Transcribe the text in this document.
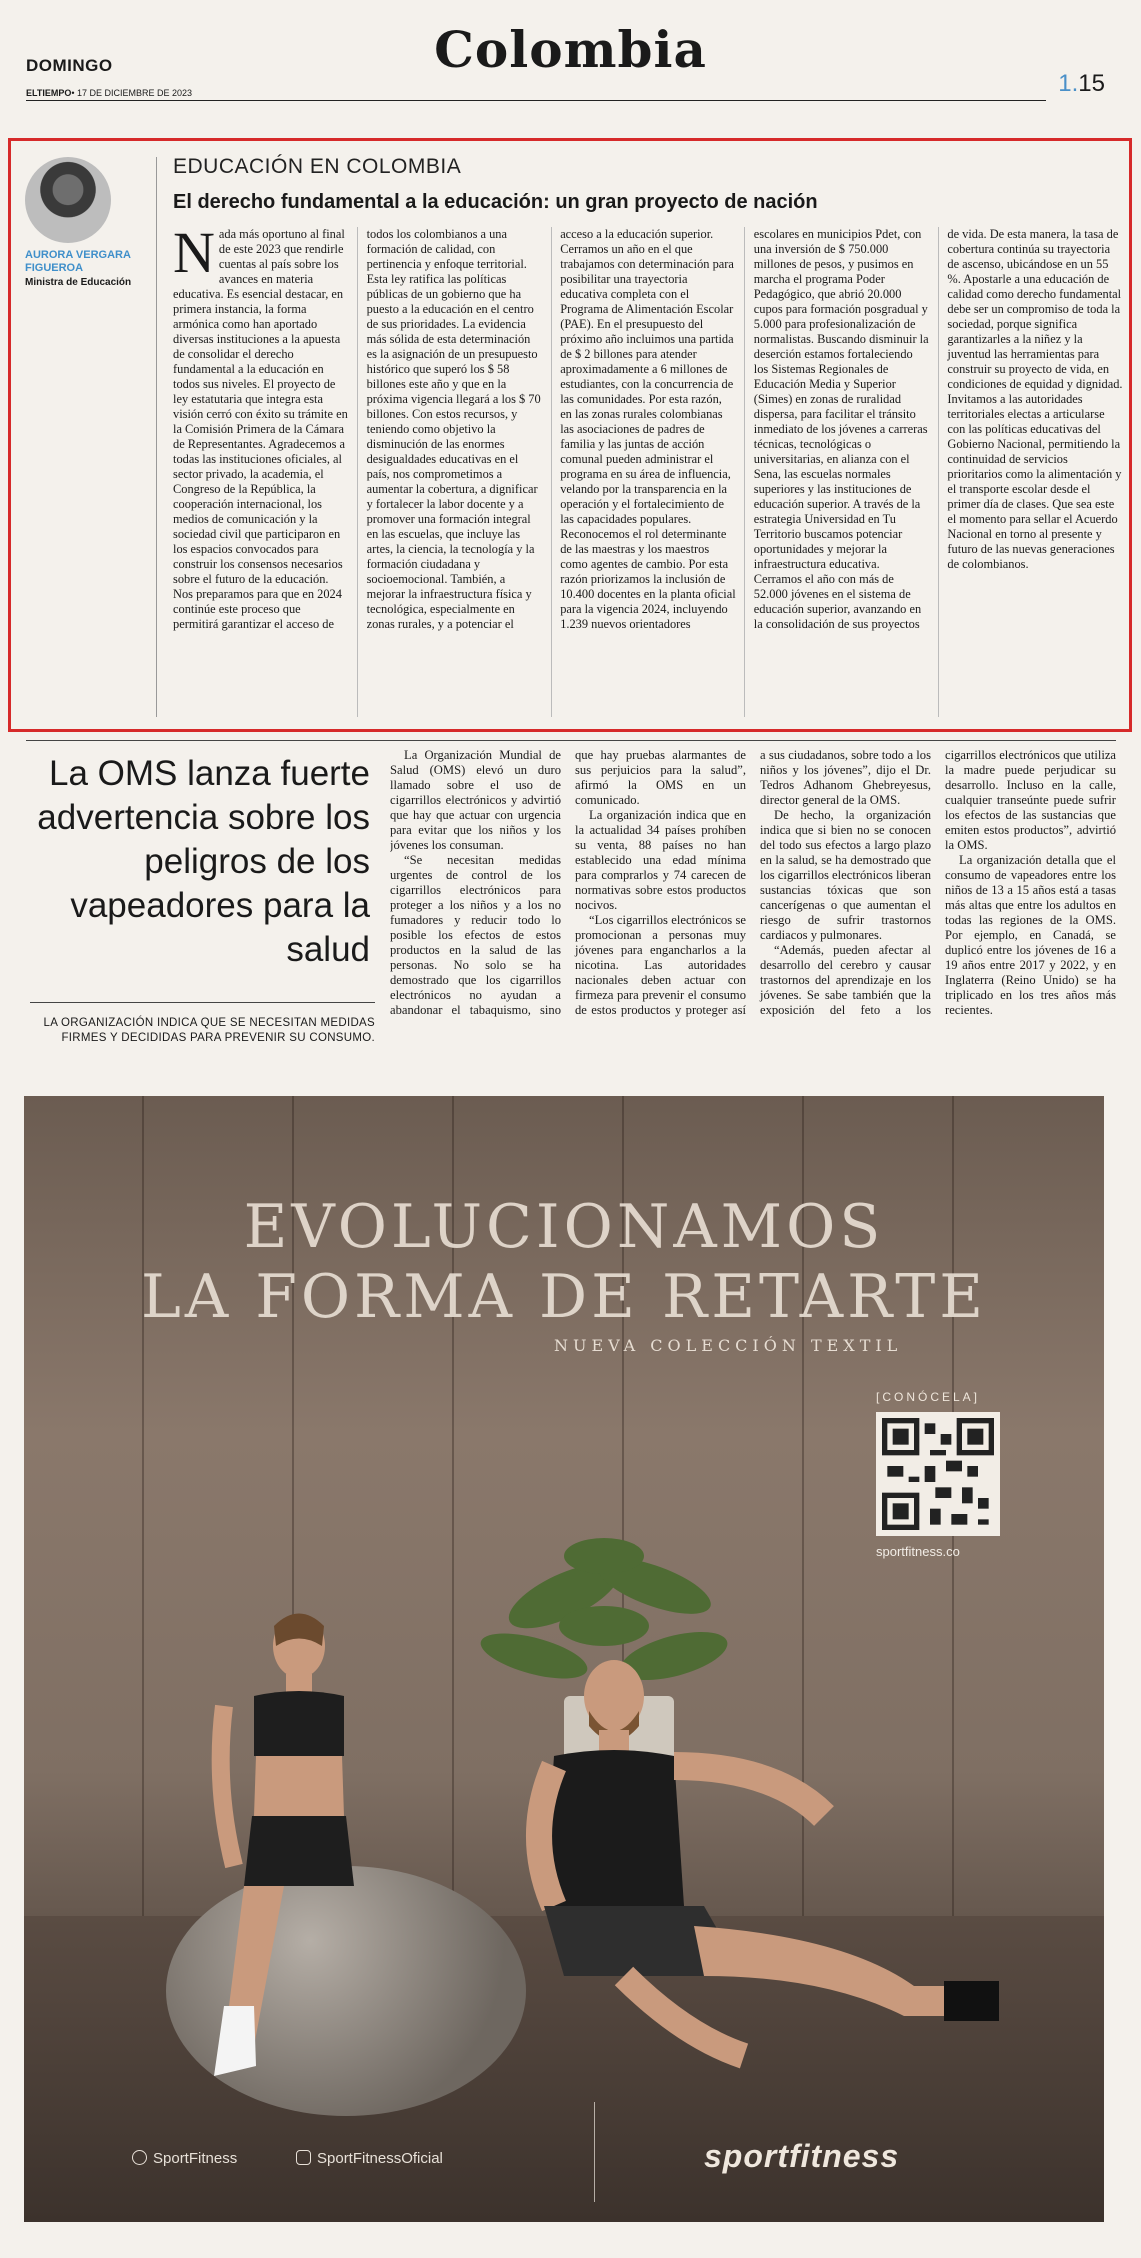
DOMINGO
ELTIEMPO• 17 DE DICIEMBRE DE 2023
Colombia
1.15
AURORA VERGARA FIGUEROA
Ministra de Educación
EDUCACIÓN EN COLOMBIA
El derecho fundamental a la educación: un gran proyecto de nación
Nada más oportuno al final de este 2023 que rendirle cuentas al país sobre los avances en materia educativa. Es esencial destacar, en primera instancia, la forma armónica como han aportado diversas instituciones a la apuesta de consolidar el derecho fundamental a la educación en todos sus niveles. El proyecto de ley estatutaria que integra esta visión cerró con éxito su trámite en la Comisión Primera de la Cámara de Representantes. Agradecemos a todas las instituciones oficiales, al sector privado, la academia, el Congreso de la República, la cooperación internacional, los medios de comunicación y la sociedad civil que participaron en los espacios convocados para construir los consensos necesarios sobre el futuro de la educación. Nos preparamos para que en 2024 continúe este proceso que permitirá garantizar el acceso de todos los colombianos a una formación de calidad, con pertinencia y enfoque territorial. Esta ley ratifica las políticas públicas de un gobierno que ha puesto a la educación en el centro de sus prioridades. La evidencia más sólida de esta determinación es la asignación de un presupuesto histórico que superó los $ 58 billones este año y que en la próxima vigencia llegará a los $ 70 billones. Con estos recursos, y teniendo como objetivo la disminución de las enormes desigualdades educativas en el país, nos comprometimos a aumentar la cobertura, a dignificar y fortalecer la labor docente y a promover una formación integral en las escuelas, que incluye las artes, la ciencia, la tecnología y la formación ciudadana y socioemocional. También, a mejorar la infraestructura física y tecnológica, especialmente en zonas rurales, y a potenciar el acceso a la educación superior. Cerramos un año en el que trabajamos con determinación para posibilitar una trayectoria educativa completa con el Programa de Alimentación Escolar (PAE). En el presupuesto del próximo año incluimos una partida de $ 2 billones para atender aproximadamente a 6 millones de estudiantes, con la concurrencia de las comunidades. Por esta razón, en las zonas rurales colombianas las asociaciones de padres de familia y las juntas de acción comunal pueden administrar el programa en su área de influencia, velando por la transparencia en la operación y el fortalecimiento de las capacidades populares. Reconocemos el rol determinante de las maestras y los maestros como agentes de cambio. Por esta razón priorizamos la inclusión de 10.400 docentes en la planta oficial para la vigencia 2024, incluyendo 1.239 nuevos orientadores escolares en municipios Pdet, con una inversión de $ 750.000 millones de pesos, y pusimos en marcha el programa Poder Pedagógico, que abrió 20.000 cupos para formación posgradual y 5.000 para profesionalización de normalistas. Buscando disminuir la deserción estamos fortaleciendo los Sistemas Regionales de Educación Media y Superior (Simes) en zonas de ruralidad dispersa, para facilitar el tránsito inmediato de los jóvenes a carreras técnicas, tecnológicas o universitarias, en alianza con el Sena, las escuelas normales superiores y las instituciones de educación superior. A través de la estrategia Universidad en Tu Territorio buscamos potenciar oportunidades y mejorar la infraestructura educativa. Cerramos el año con más de 52.000 jóvenes en el sistema de educación superior, avanzando en la consolidación de sus proyectos de vida. De esta manera, la tasa de cobertura continúa su trayectoria de ascenso, ubicándose en un 55 %. Apostarle a una educación de calidad como derecho fundamental debe ser un compromiso de toda la sociedad, porque significa garantizarles a la niñez y la juventud las herramientas para construir su proyecto de vida, en condiciones de equidad y dignidad. Invitamos a las autoridades territoriales electas a articularse con las políticas educativas del Gobierno Nacional, permitiendo la continuidad de servicios prioritarios como la alimentación y el transporte escolar desde el primer día de clases. Que sea este el momento para sellar el Acuerdo Nacional en torno al presente y futuro de las nuevas generaciones de colombianos.
La OMS lanza fuerte advertencia sobre los peligros de los vapeadores para la salud
LA ORGANIZACIÓN INDICA QUE SE NECESITAN MEDIDAS FIRMES Y DECIDIDAS PARA PREVENIR SU CONSUMO.

La Organización Mundial de Salud (OMS) elevó un duro llamado sobre el uso de cigarrillos electrónicos y advirtió que hay que actuar con urgencia para evitar que los niños y los jóvenes los consuman.

“Se necesitan medidas urgentes de control de los cigarrillos electrónicos para proteger a los niños y a los no fumadores y reducir todo lo posible los efectos de estos productos en la salud de las personas. No solo se ha demostrado que los cigarrillos electrónicos no ayudan a abandonar el tabaquismo, sino que hay pruebas alarmantes de sus perjuicios para la salud”, afirmó la OMS en un comunicado.

La organización indica que en la actualidad 34 países prohíben su venta, 88 países no han establecido una edad mínima para comprarlos y 74 carecen de normativas sobre estos productos nocivos.

“Los cigarrillos electrónicos se promocionan a personas muy jóvenes para engancharlos a la nicotina. Las autoridades nacionales deben actuar con firmeza para prevenir el consumo de estos productos y proteger así a sus ciudadanos, sobre todo a los niños y los jóvenes”, dijo el Dr. Tedros Adhanom Ghebreyesus, director general de la OMS.

De hecho, la organización indica que si bien no se conocen del todo sus efectos a largo plazo en la salud, se ha demostrado que los cigarrillos electrónicos liberan sustancias tóxicas que son cancerígenas o que aumentan el riesgo de sufrir trastornos cardiacos y pulmonares.

“Además, pueden afectar al desarrollo del cerebro y causar trastornos del aprendizaje en los jóvenes. Se sabe también que la exposición del feto a los cigarrillos electrónicos que utiliza la madre puede perjudicar su desarrollo. Incluso en la calle, cualquier transeúnte puede sufrir los efectos de las sustancias que emiten estos productos”, advirtió la OMS.

La organización detalla que el consumo de vapeadores entre los niños de 13 a 15 años está a tasas más altas que entre los adultos en todas las regiones de la OMS. Por ejemplo, en Canadá, se duplicó entre los jóvenes de 16 a 19 años entre 2017 y 2022, y en Inglaterra (Reino Unido) se ha triplicado en los tres años más recientes.

EVOLUCIONAMOS
LA FORMA DE RETARTE
NUEVA COLECCIÓN TEXTIL
[CONÓCELA]
sportfitness.co
SportFitness	SportFitnessOficial	sportfitness
